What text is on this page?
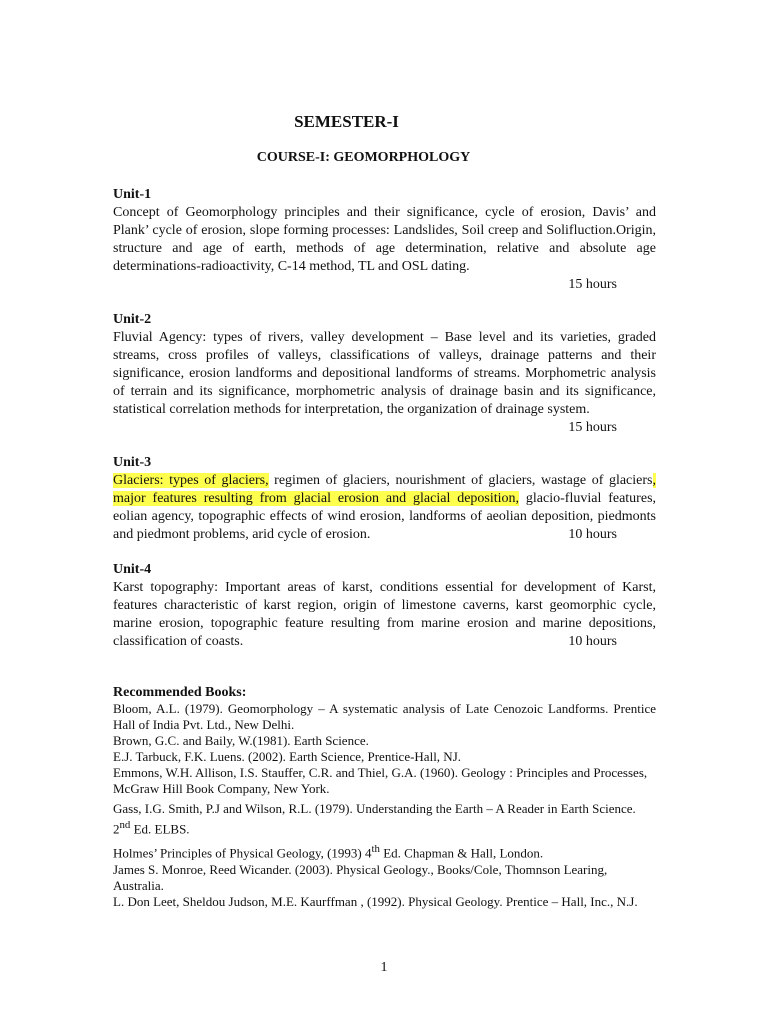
SEMESTER-I
COURSE-I: GEOMORPHOLOGY
Unit-1
Concept of Geomorphology principles and their significance, cycle of erosion, Davis’ and Plank’ cycle of erosion, slope forming processes: Landslides, Soil creep and Solifluction.Origin, structure and age of earth, methods of age determination, relative and absolute age determinations-radioactivity, C-14 method, TL and OSL dating.
15 hours
Unit-2
Fluvial Agency: types of rivers, valley development – Base level and its varieties, graded streams, cross profiles of valleys, classifications of valleys, drainage patterns and their significance, erosion landforms and depositional landforms of streams. Morphometric analysis of terrain and its significance, morphometric analysis of drainage basin and its significance, statistical correlation methods for interpretation, the organization of drainage system.
15 hours
Unit-3
Glaciers: types of glaciers, regimen of glaciers, nourishment of glaciers, wastage of glaciers, major features resulting from glacial erosion and glacial deposition, glacio-fluvial features, eolian agency, topographic effects of wind erosion, landforms of aeolian deposition, piedmonts and piedmont problems, arid cycle of erosion.	10 hours
Unit-4
Karst topography: Important areas of karst, conditions essential for development of Karst, features characteristic of karst region, origin of limestone caverns, karst geomorphic cycle, marine erosion, topographic feature resulting from marine erosion and marine depositions, classification of coasts.	10 hours
Recommended Books:
Bloom, A.L. (1979). Geomorphology – A systematic analysis of Late Cenozoic Landforms. Prentice Hall of India Pvt. Ltd., New Delhi.
Brown, G.C. and Baily, W.(1981). Earth Science.
E.J. Tarbuck, F.K. Luens. (2002). Earth Science, Prentice-Hall, NJ.
Emmons, W.H. Allison, I.S. Stauffer, C.R. and Thiel, G.A. (1960). Geology : Principles and Processes, McGraw Hill Book Company, New York.
Gass, I.G. Smith, P.J and Wilson, R.L. (1979). Understanding the Earth – A Reader in Earth Science. 2nd Ed. ELBS.
Holmes’ Principles of Physical Geology, (1993) 4th Ed. Chapman & Hall, London.
James S. Monroe, Reed Wicander. (2003). Physical Geology., Books/Cole, Thomnson Learing, Australia.
L. Don Leet, Sheldou Judson, M.E. Kaurffman , (1992). Physical Geology. Prentice – Hall, Inc., N.J.
1
